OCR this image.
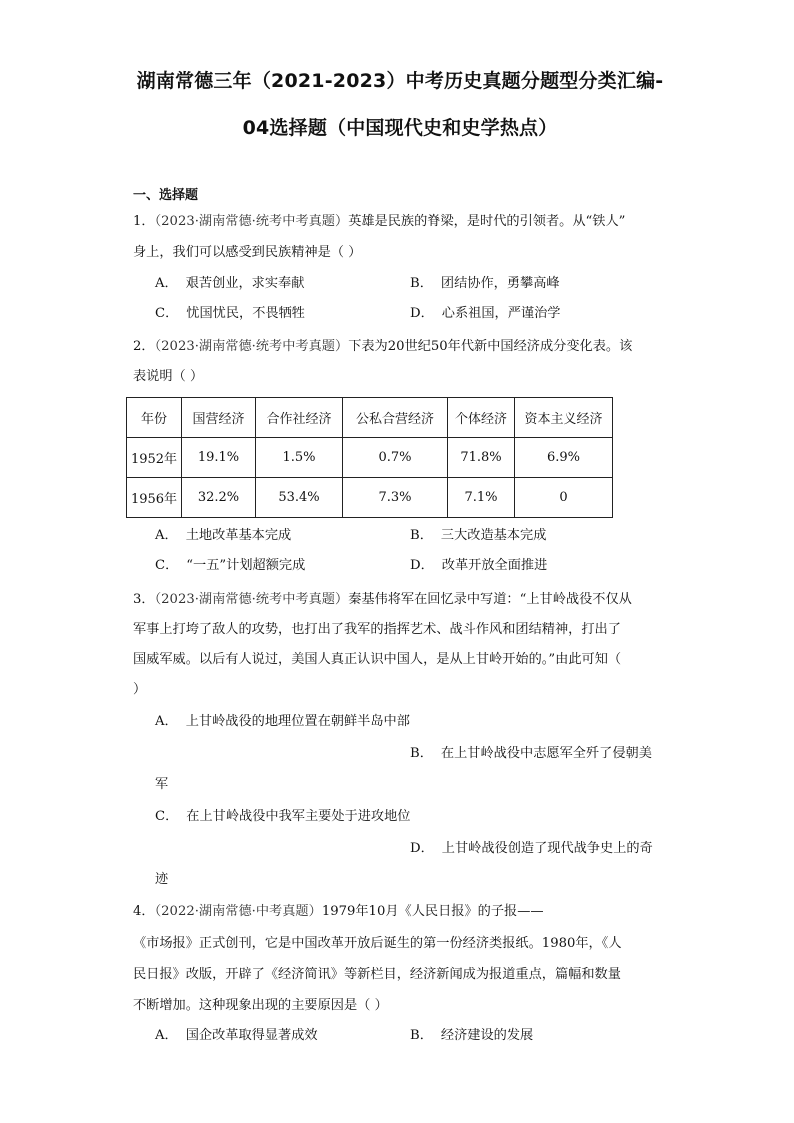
湖南常德三年（2021-2023）中考历史真题分题型分类汇编-
04选择题（中国现代史和史学热点）
一、选择题
1．（2023·湖南常德·统考中考真题）英雄是民族的脊梁，是时代的引领者。从“铁人”
身上，我们可以感受到民族精神是（ ）
A． 艰苦创业，求实奉献	B． 团结协作，勇攀高峰
C． 忧国忧民，不畏牺牲	D． 心系祖国，严谨治学
2．（2023·湖南常德·统考中考真题）下表为20世纪50年代新中国经济成分变化表。该
表说明（ ）
年份	国营经济	合作社经济	公私合营经济	个体经济	资本主义经济
1952年	19.1%	1.5%	0.7%	71.8%	6.9%
1956年	32.2%	53.4%	7.3%	7.1%	0
A． 土地改革基本完成	B． 三大改造基本完成
C． “一五”计划超额完成	D． 改革开放全面推进
3．（2023·湖南常德·统考中考真题）秦基伟将军在回忆录中写道：“上甘岭战役不仅从
军事上打垮了敌人的攻势，也打出了我军的指挥艺术、战斗作风和团结精神，打出了
国威军威。以后有人说过，美国人真正认识中国人，是从上甘岭开始的。”由此可知（
）
A． 上甘岭战役的地理位置在朝鲜半岛中部
B． 在上甘岭战役中志愿军全歼了侵朝美
军
C． 在上甘岭战役中我军主要处于进攻地位
D． 上甘岭战役创造了现代战争史上的奇
迹
4．（2022·湖南常德·中考真题）1979年10月《人民日报》的子报——
《市场报》正式创刊，它是中国改革开放后诞生的第一份经济类报纸。1980年，《人
民日报》改版，开辟了《经济简讯》等新栏目，经济新闻成为报道重点，篇幅和数量
不断增加。这种现象出现的主要原因是（ ）
A． 国企改革取得显著成效	B． 经济建设的发展
